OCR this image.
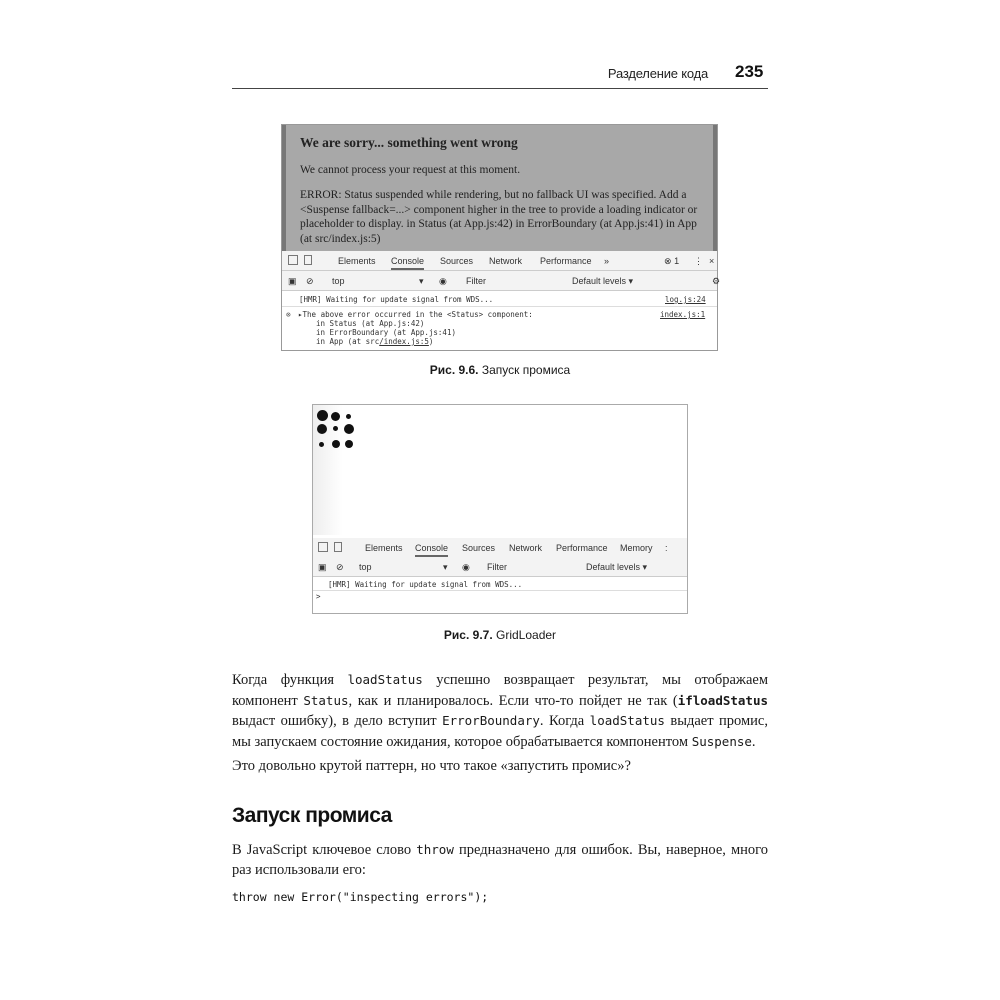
Разделение кода 235
We are sorry... something went wrong
We cannot process your request at this moment.
ERROR: Status suspended while rendering, but no fallback UI was specified. Add a <Suspense fallback=...> component higher in the tree to provide a loading indicator or placeholder to display. in Status (at App.js:42) in ErrorBoundary (at App.js:41) in App (at src/index.js:5)
Elements Console Sources Network Performance »	⊗ 1 ⋮ ×
▣ ⊘ top	▾ ◉ Filter	Default levels ▾	⚙
[HMR] Waiting for update signal from WDS...	log.js:24
⊗ ▸The above error occurred in the <Status> component:
in Status (at App.js:42)
in ErrorBoundary (at App.js:41)
in App (at src/index.js:5)
index.js:1
Рис. 9.6. Запуск промиса
Elements Console Sources Network Performance Memory :
▣ ⊘ top	▾ ◉ Filter	Default levels ▾
[HMR] Waiting for update signal from WDS...
>
Рис. 9.7. GridLoader
Когда функция loadStatus успешно возвращает результат, мы отображаем компонент Status, как и планировалось. Если что-то пойдет не так (ifloadStatus выдаст ошибку), в дело вступит ErrorBoundary. Когда loadStatus выдает промис, мы запускаем состояние ожидания, которое обрабатывается компонентом Suspense.
Это довольно крутой паттерн, но что такое «запустить промис»?
Запуск промиса
В JavaScript ключевое слово throw предназначено для ошибок. Вы, наверное, много раз использовали его:
throw new Error("inspecting errors");
